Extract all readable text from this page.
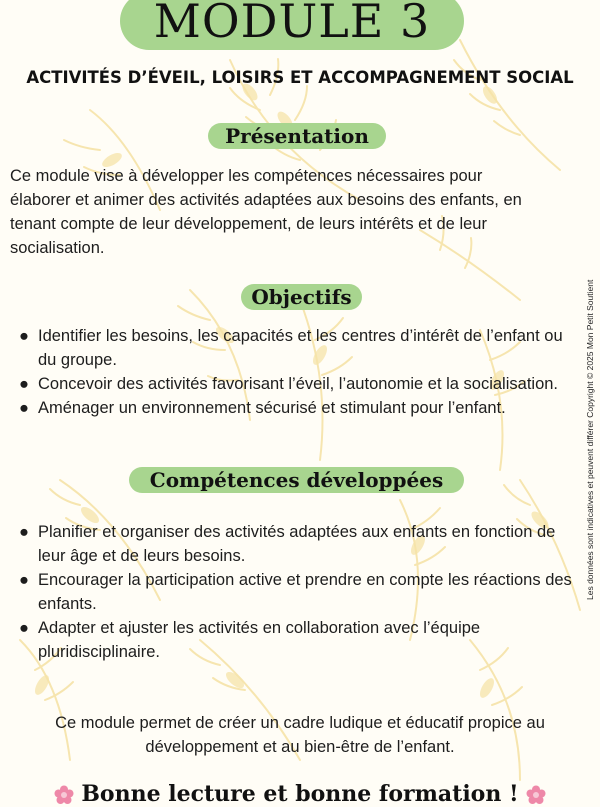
MODULE 3
ACTIVITÉS D’ÉVEIL, LOISIRS ET ACCOMPAGNEMENT SOCIAL
Présentation
Ce module vise à développer les compétences nécessaires pour
élaborer et animer des activités adaptées aux besoins des enfants, en
tenant compte de leur développement, de leurs intérêts et de leur
socialisation.
Objectifs
● Identifier les besoins, les capacités et les centres d’intérêt de l’enfant ou du groupe.
● Concevoir des activités favorisant l’éveil, l’autonomie et la socialisation.
● Aménager un environnement sécurisé et stimulant pour l’enfant.
Compétences développées
● Planifier et organiser des activités adaptées aux enfants en fonction de leur âge et de leurs besoins.
● Encourager la participation active et prendre en compte les réactions des enfants.
● Adapter et ajuster les activités en collaboration avec l’équipe pluridisciplinaire.
Ce module permet de créer un cadre ludique et éducatif propice au
développement et au bien-être de l’enfant.
Bonne lecture et bonne formation !
Les données sont indicatives et peuvent différer Copyright © 2025 Mon Petit Soutient
